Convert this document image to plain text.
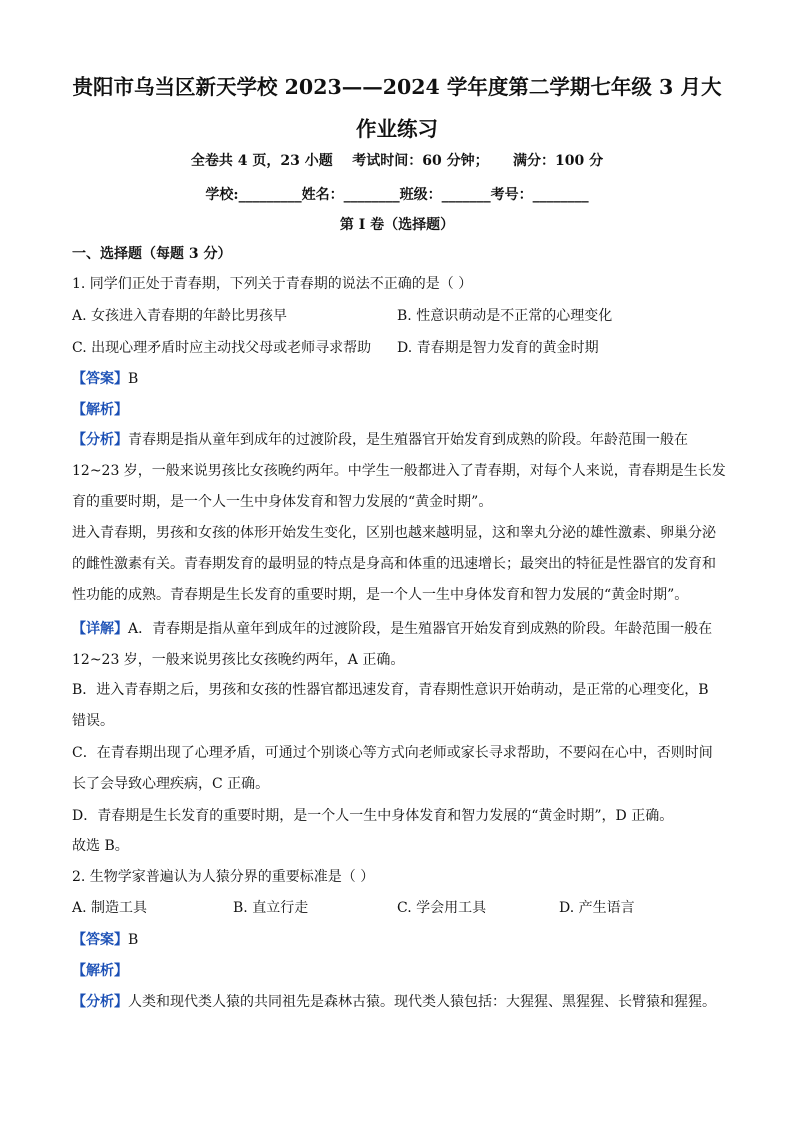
贵阳市乌当区新天学校 2023——2024 学年度第二学期七年级 3 月大
作业练习
全卷共 4 页，23 小题    考试时间：60 分钟；     满分：100 分
学校:_________姓名：________班级：_______考号：________
第 I 卷（选择题）
一、选择题（每题 3 分）
1. 同学们正处于青春期，下列关于青春期的说法不正确的是（ ）
A. 女孩进入青春期的年龄比男孩早	B. 性意识萌动是不正常的心理变化
C. 出现心理矛盾时应主动找父母或老师寻求帮助 D. 青春期是智力发育的黄金时期
【答案】B
【解析】
【分析】青春期是指从童年到成年的过渡阶段，是生殖器官开始发育到成熟的阶段。年龄范围一般在
12~23 岁，一般来说男孩比女孩晚约两年。中学生一般都进入了青春期，对每个人来说，青春期是生长发
育的重要时期，是一个人一生中身体发育和智力发展的“黄金时期”。
进入青春期，男孩和女孩的体形开始发生变化，区别也越来越明显，这和睾丸分泌的雄性激素、卵巢分泌
的雌性激素有关。青春期发育的最明显的特点是身高和体重的迅速增长；最突出的特征是性器官的发育和
性功能的成熟。青春期是生长发育的重要时期，是一个人一生中身体发育和智力发展的“黄金时期”。
【详解】A．青春期是指从童年到成年的过渡阶段，是生殖器官开始发育到成熟的阶段。年龄范围一般在
12~23 岁，一般来说男孩比女孩晚约两年，A 正确。
B．进入青春期之后，男孩和女孩的性器官都迅速发育，青春期性意识开始萌动，是正常的心理变化，B
错误。
C．在青春期出现了心理矛盾，可通过个别谈心等方式向老师或家长寻求帮助，不要闷在心中，否则时间
长了会导致心理疾病，C 正确。
D．青春期是生长发育的重要时期，是一个人一生中身体发育和智力发展的“黄金时期”，D 正确。
故选 B。
2. 生物学家普遍认为人猿分界的重要标准是（ ）
A. 制造工具	B. 直立行走	C. 学会用工具	D. 产生语言
【答案】B
【解析】
【分析】人类和现代类人猿的共同祖先是森林古猿。现代类人猿包括：大猩猩、黑猩猩、长臂猿和猩猩。
